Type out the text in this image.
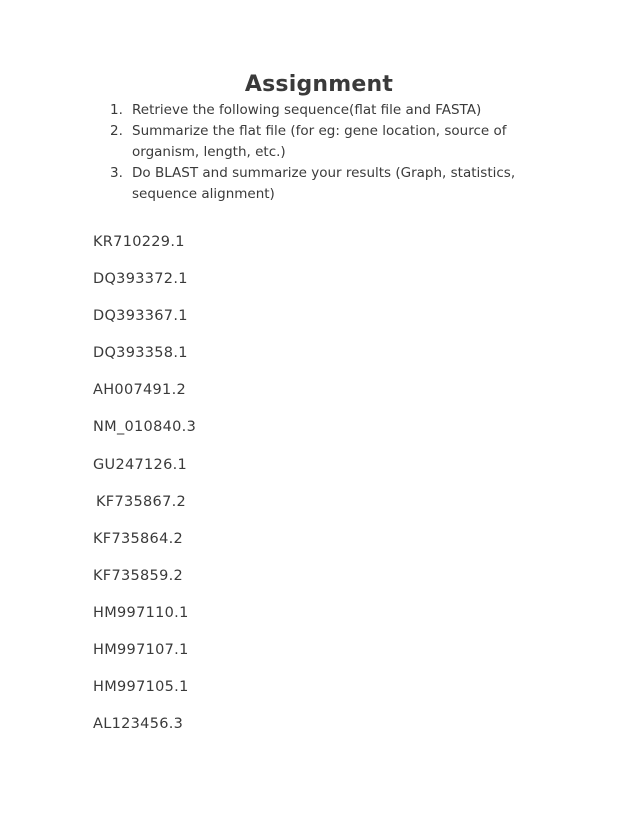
Assignment
1. Retrieve the following sequence(flat file and FASTA)
2. Summarize the flat file (for eg: gene location, source of organism, length, etc.)
3. Do BLAST and summarize your results (Graph, statistics, sequence alignment)
KR710229.1
DQ393372.1
DQ393367.1
DQ393358.1
AH007491.2
NM_010840.3
GU247126.1
KF735867.2
KF735864.2
KF735859.2
HM997110.1
HM997107.1
HM997105.1
AL123456.3
